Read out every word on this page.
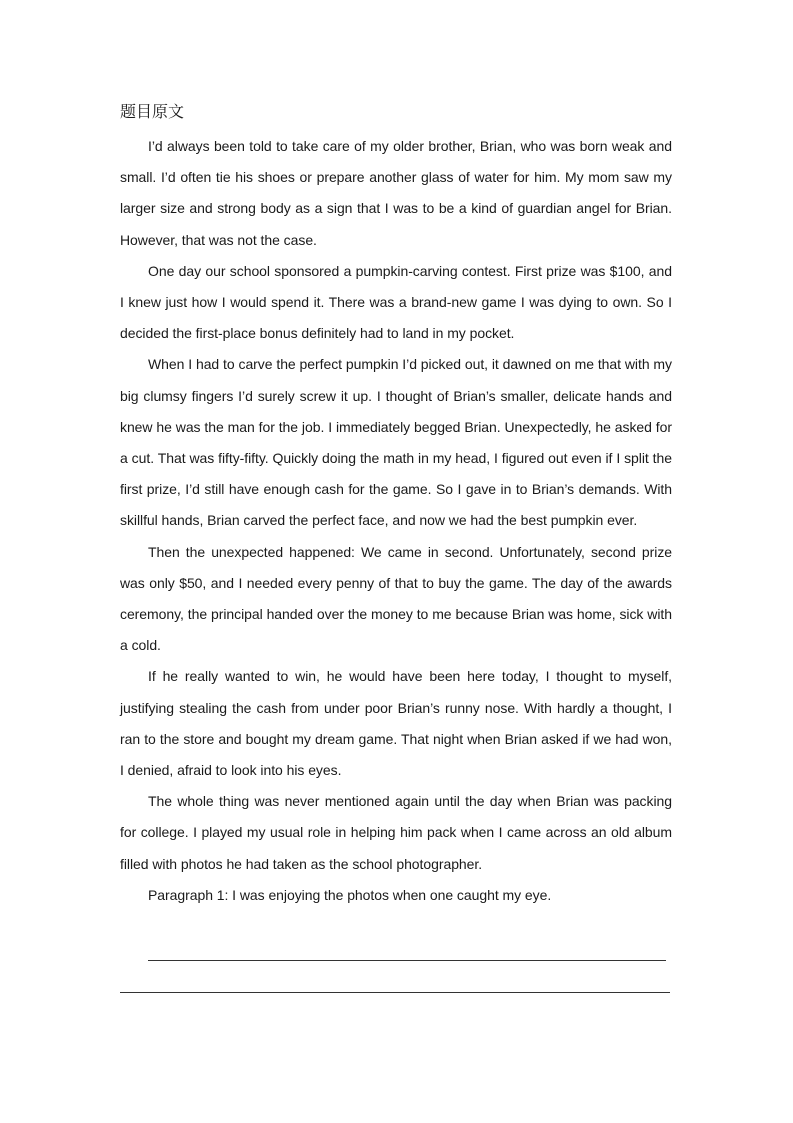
题目原文

I’d always been told to take care of my older brother, Brian, who was born weak and small. I’d often tie his shoes or prepare another glass of water for him. My mom saw my larger size and strong body as a sign that I was to be a kind of guardian angel for Brian. However, that was not the case.

One day our school sponsored a pumpkin-carving contest. First prize was $100, and I knew just how I would spend it. There was a brand-new game I was dying to own. So I decided the first-place bonus definitely had to land in my pocket.

When I had to carve the perfect pumpkin I’d picked out, it dawned on me that with my big clumsy fingers I’d surely screw it up. I thought of Brian’s smaller, delicate hands and knew he was the man for the job. I immediately begged Brian. Unexpectedly, he asked for a cut. That was fifty-fifty. Quickly doing the math in my head, I figured out even if I split the first prize, I’d still have enough cash for the game. So I gave in to Brian’s demands. With skillful hands, Brian carved the perfect face, and now we had the best pumpkin ever.

Then the unexpected happened: We came in second. Unfortunately, second prize was only $50, and I needed every penny of that to buy the game. The day of the awards ceremony, the principal handed over the money to me because Brian was home, sick with a cold.

If he really wanted to win, he would have been here today, I thought to myself, justifying stealing the cash from under poor Brian’s runny nose. With hardly a thought, I ran to the store and bought my dream game. That night when Brian asked if we had won, I denied, afraid to look into his eyes.

The whole thing was never mentioned again until the day when Brian was packing for college. I played my usual role in helping him pack when I came across an old album filled with photos he had taken as the school photographer.

Paragraph 1: I was enjoying the photos when one caught my eye.
